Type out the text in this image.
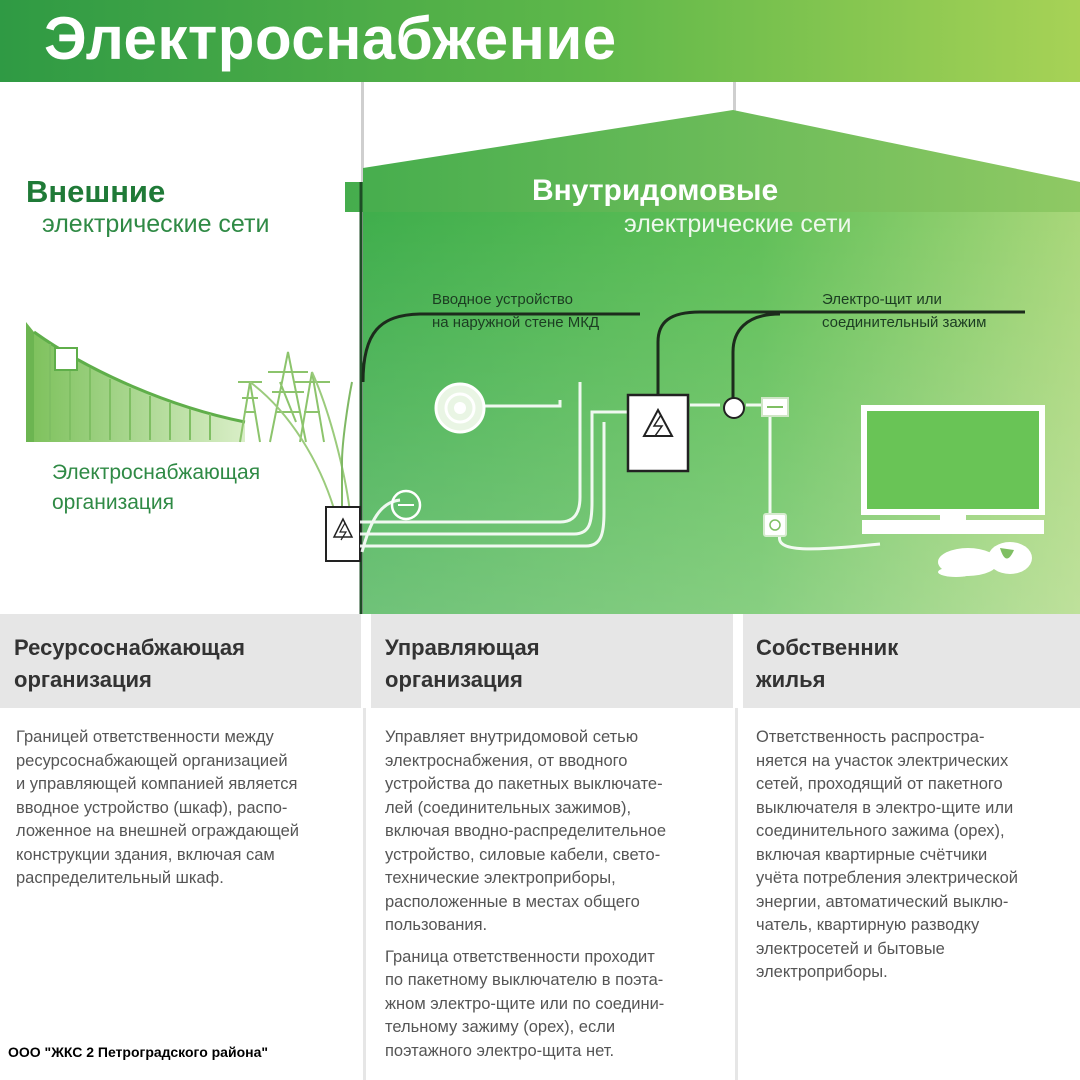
Электроснабжение
Внешние
электрические сети
Внутридомовые
электрические сети
Вводное устройство
на наружной стене МКД
Электро-щит или
соединительный зажим
Электроснабжающая
организация
Ресурсоснабжающая
организация
Управляющая
организация
Собственник
жилья

Границей ответственности между
ресурсоснабжающей организацией
и управляющей компанией является
вводное устройство (шкаф), распо-
ложенное на внешней ограждающей
конструкции здания, включая сам
распределительный шкаф.

Управляет внутридомовой сетью
электроснабжения, от вводного
устройства до пакетных выключате-
лей (соединительных зажимов),
включая вводно-распределительное
устройство, силовые кабели, свето-
технические электроприборы,
расположенные в местах общего
пользования.

Граница ответственности проходит
по пакетному выключателю в поэта-
жном электро-щите или по соедини-
тельному зажиму (орех), если
поэтажного электро-щита нет.

Ответственность распростра-
няется на участок электрических
сетей, проходящий от пакетного
выключателя в электро-щите или
соединительного зажима (орех),
включая квартирные счётчики
учёта потребления электрической
энергии, автоматический выклю-
чатель, квартирную разводку
электросетей и бытовые
электроприборы.

ООО "ЖКС 2 Петроградского района"
